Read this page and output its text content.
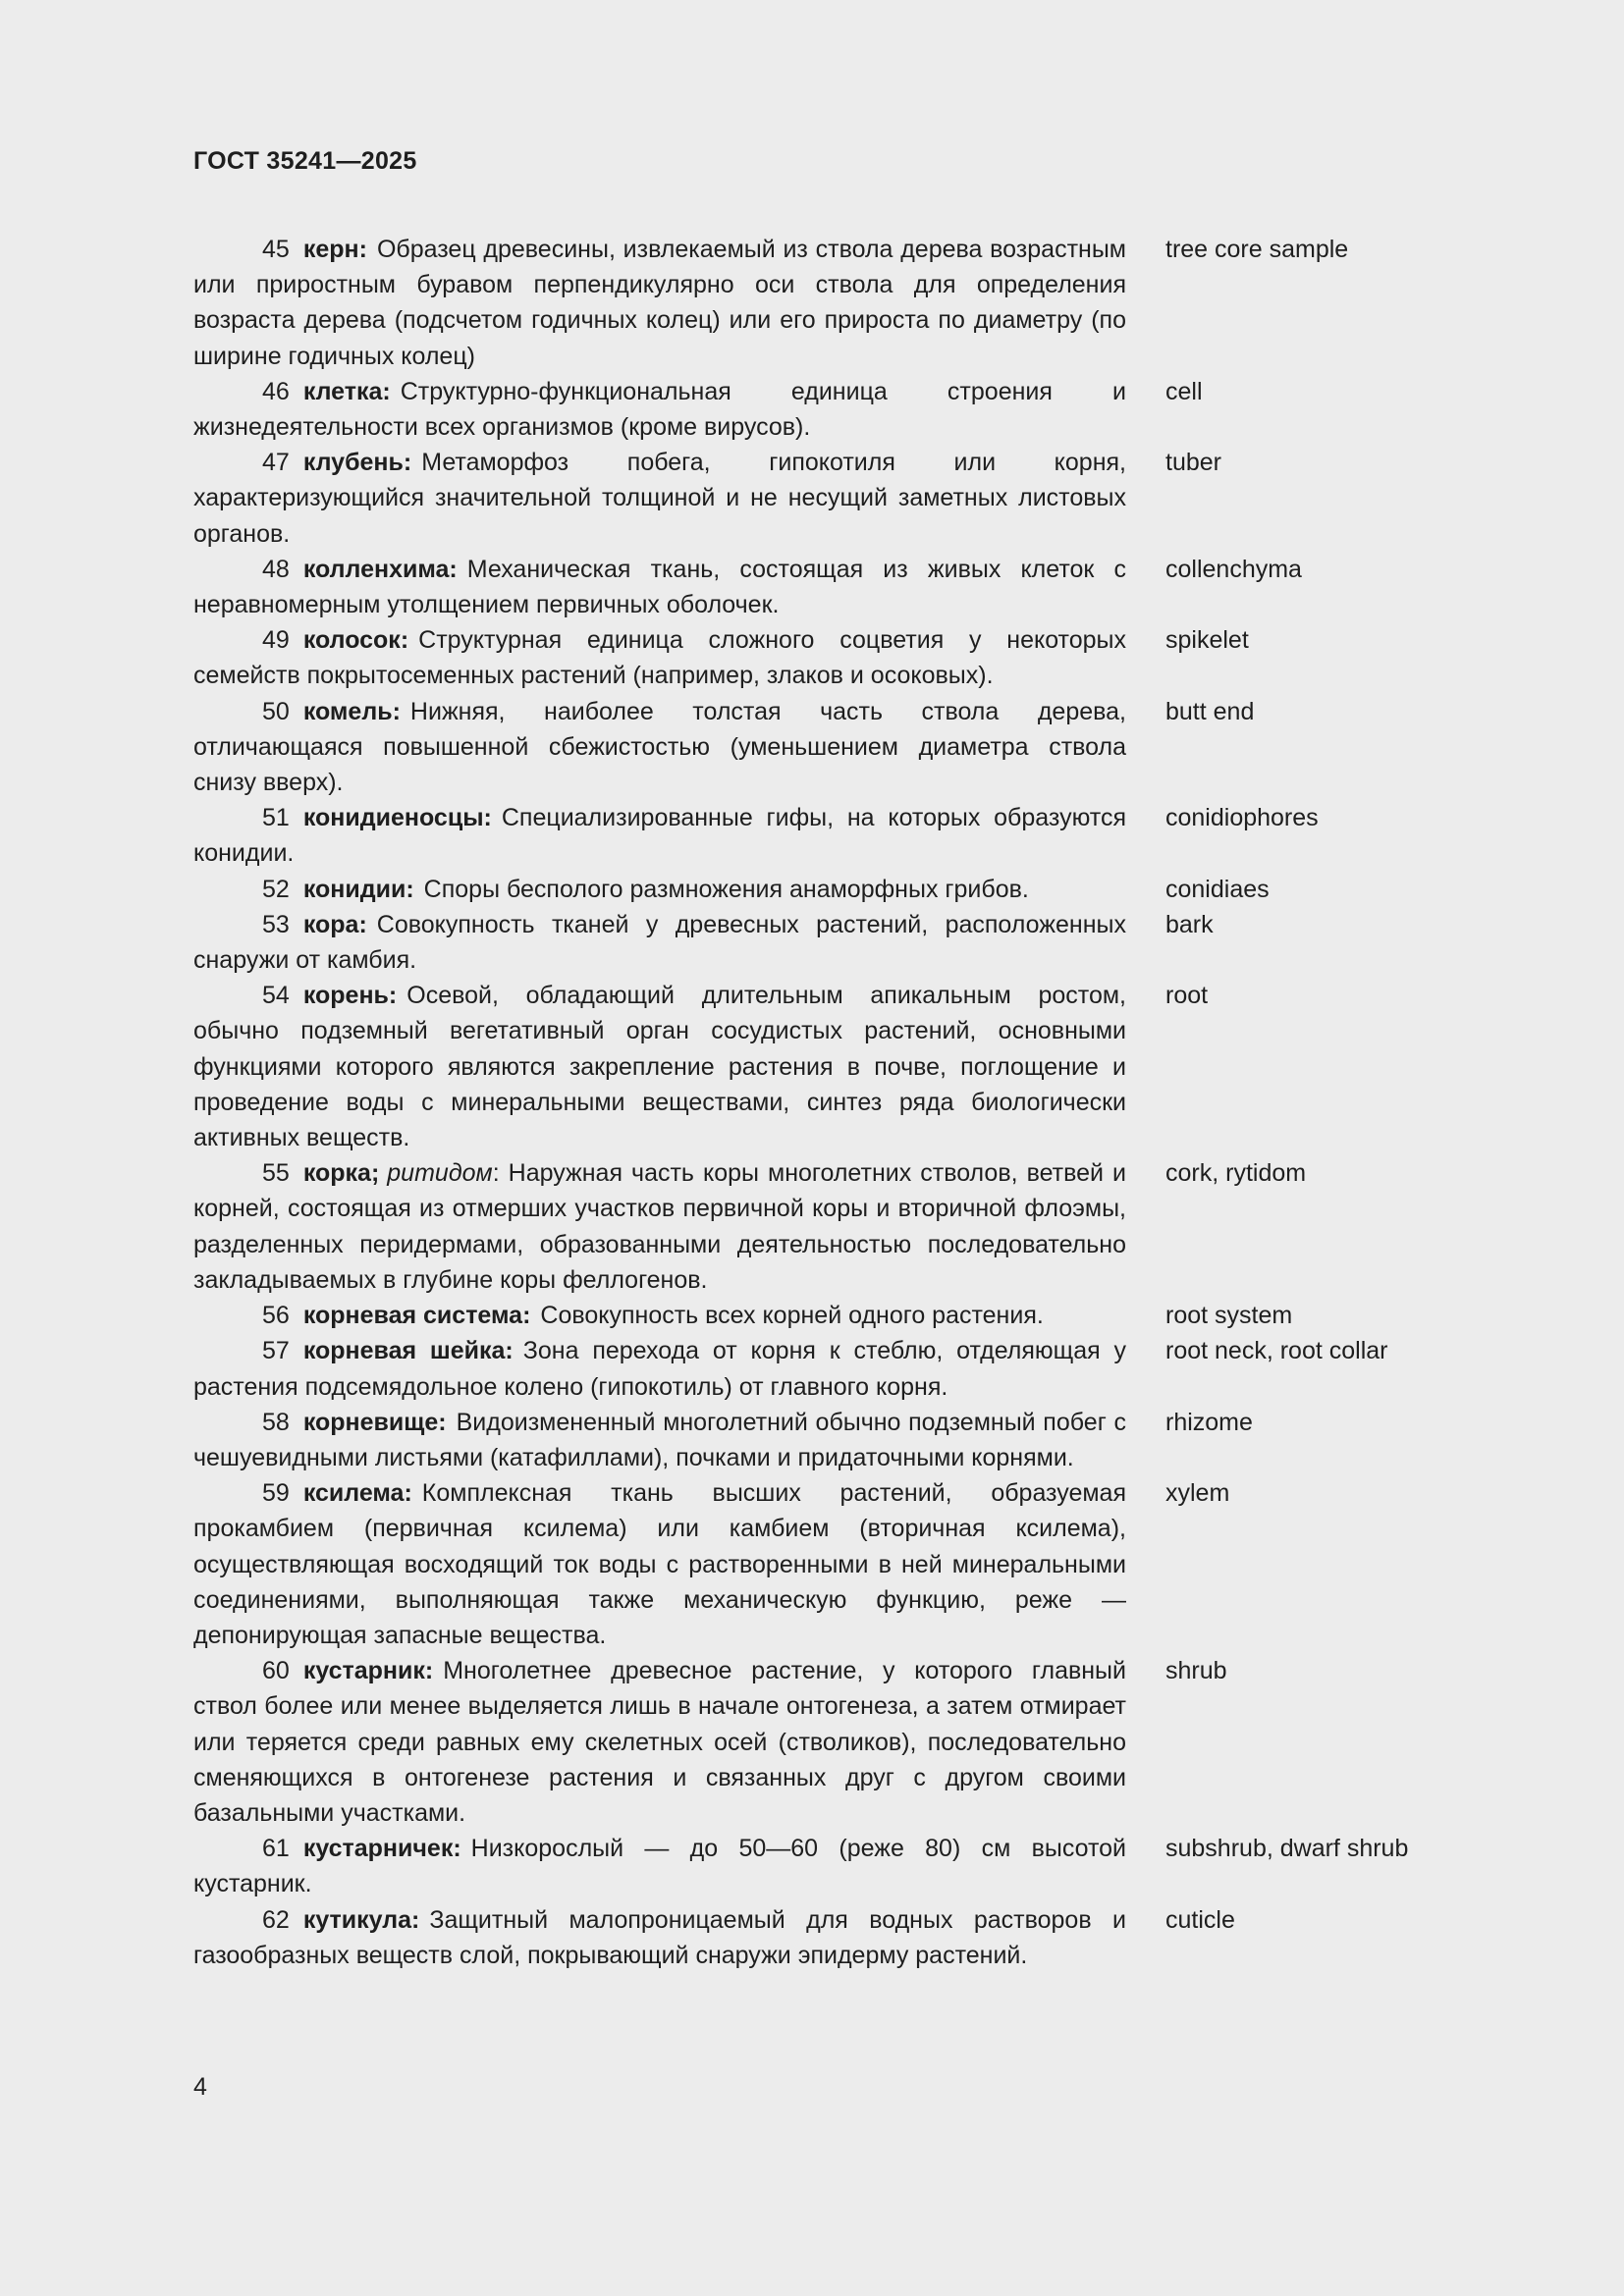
ГОСТ 35241—2025
45 керн: Образец древесины, извлекаемый из ствола дерева возрастным или приростным буравом перпендикулярно оси ствола для определения возраста дерева (подсчетом годичных колец) или его прироста по диаметру (по ширине годичных колец)
tree core sample
46 клетка: Структурно-функциональная единица строения и жизнедеятельности всех организмов (кроме вирусов).
cell
47 клубень: Метаморфоз побега, гипокотиля или корня, характеризующийся значительной толщиной и не несущий заметных листовых органов.
tuber
48 колленхима: Механическая ткань, состоящая из живых клеток с неравномерным утолщением первичных оболочек.
collenchyma
49 колосок: Структурная единица сложного соцветия у некоторых семейств покрытосеменных растений (например, злаков и осоковых).
spikelet
50 комель: Нижняя, наиболее толстая часть ствола дерева, отличающаяся повышенной сбежистостью (уменьшением диаметра ствола снизу вверх).
butt end
51 конидиеносцы: Специализированные гифы, на которых образуются конидии.
conidiophores
52 конидии: Споры бесполого размножения анаморфных грибов.	conidiaes
53 кора: Совокупность тканей у древесных растений, расположенных снаружи от камбия.
bark
54 корень: Осевой, обладающий длительным апикальным ростом, обычно подземный вегетативный орган сосудистых растений, основными функциями которого являются закрепление растения в почве, поглощение и проведение воды с минеральными веществами, синтез ряда биологически активных веществ.
root
55 корка; ритидом: Наружная часть коры многолетних стволов, ветвей и корней, состоящая из отмерших участков первичной коры и вторичной флоэмы, разделенных перидермами, образованными деятельностью последовательно закладываемых в глубине коры феллогенов.
cork, rytidom
56 корневая система: Совокупность всех корней одного растения.	root system
57 корневая шейка: Зона перехода от корня к стеблю, отделяющая у растения подсемядольное колено (гипокотиль) от главного корня.
root neck, root collar
58 корневище: Видоизмененный многолетний обычно подземный побег с чешуевидными листьями (катафиллами), почками и придаточными корнями.
rhizome
59 ксилема: Комплексная ткань высших растений, образуемая прокамбием (первичная ксилема) или камбием (вторичная ксилема), осуществляющая восходящий ток воды с растворенными в ней минеральными соединениями, выполняющая также механическую функцию, реже — депонирующая запасные вещества.
xylem
60 кустарник: Многолетнее древесное растение, у которого главный ствол более или менее выделяется лишь в начале онтогенеза, а затем отмирает или теряется среди равных ему скелетных осей (стволиков), последовательно сменяющихся в онтогенезе растения и связанных друг с другом своими базальными участками.
shrub
61 кустарничек: Низкорослый — до 50—60 (реже 80) см высотой кустарник.
subshrub, dwarf shrub
62 кутикула: Защитный малопроницаемый для водных растворов и газообразных веществ слой, покрывающий снаружи эпидерму растений.
cuticle
4
